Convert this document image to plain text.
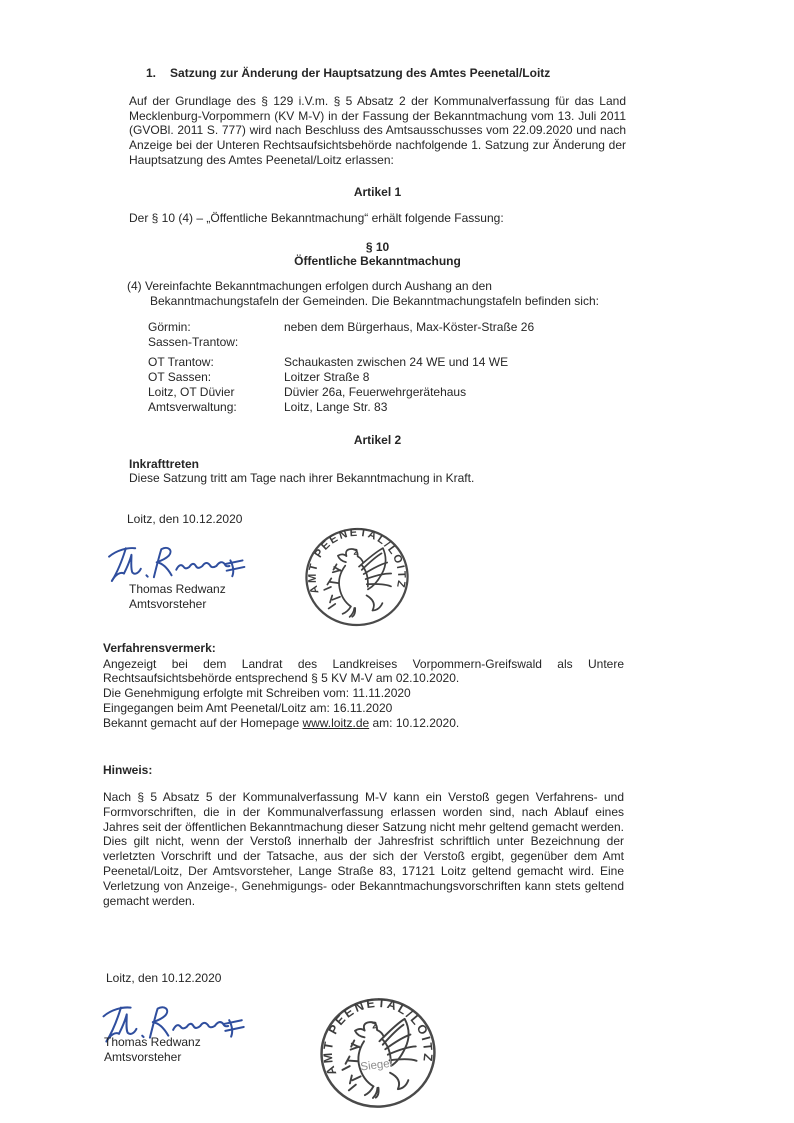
1. Satzung zur Änderung der Hauptsatzung des Amtes Peenetal/Loitz

Auf der Grundlage des § 129 i.V.m. § 5 Absatz 2 der Kommunalverfassung für das Land Mecklenburg-Vorpommern (KV M-V) in der Fassung der Bekanntmachung vom 13. Juli 2011 (GVOBl. 2011 S. 777) wird nach Beschluss des Amtsausschusses vom 22.09.2020 und nach Anzeige bei der Unteren Rechtsaufsichtsbehörde nachfolgende 1. Satzung zur Änderung der Hauptsatzung des Amtes Peenetal/Loitz erlassen:

Artikel 1
Der § 10 (4) – „Öffentliche Bekanntmachung“ erhält folgende Fassung:
§ 10
Öffentliche Bekanntmachung
(4) Vereinfachte Bekanntmachungen erfolgen durch Aushang an den
Bekanntmachungstafeln der Gemeinden. Die Bekanntmachungstafeln befinden sich:
Görmin:	neben dem Bürgerhaus, Max-Köster-Straße 26
Sassen-Trantow:
OT Trantow:	Schaukasten zwischen 24 WE und 14 WE
OT Sassen:	Loitzer Straße 8
Loitz, OT Düvier	Düvier 26a, Feuerwehrgerätehaus
Amtsverwaltung:	Loitz, Lange Str. 83
Artikel 2
Inkrafttreten
Diese Satzung tritt am Tage nach ihrer Bekanntmachung in Kraft.
Loitz, den 10.12.2020
Thomas Redwanz
Amtsvorsteher
AMT PEENETAL/LOITZ
2
Verfahrensvermerk:
Angezeigt bei dem Landrat des Landkreises Vorpommern-Greifswald als Untere Rechtsaufsichtsbehörde entsprechend § 5 KV M-V am 02.10.2020.
Die Genehmigung erfolgte mit Schreiben vom: 11.11.2020
Eingegangen beim Amt Peenetal/Loitz am: 16.11.2020
Bekannt gemacht auf der Homepage www.loitz.de am: 10.12.2020.
Hinweis:
Nach § 5 Absatz 5 der Kommunalverfassung M-V kann ein Verstoß gegen Verfahrens- und Formvorschriften, die in der Kommunalverfassung erlassen worden sind, nach Ablauf eines Jahres seit der öffentlichen Bekanntmachung dieser Satzung nicht mehr geltend gemacht werden. Dies gilt nicht, wenn der Verstoß innerhalb der Jahresfrist schriftlich unter Bezeichnung der verletzten Vorschrift und der Tatsache, aus der sich der Verstoß ergibt, gegenüber dem Amt Peenetal/Loitz, Der Amtsvorsteher, Lange Straße 83, 17121 Loitz geltend gemacht wird. Eine Verletzung von Anzeige-, Genehmigungs- oder Bekanntmachungsvorschriften kann stets geltend gemacht werden.
Loitz, den 10.12.2020
Thomas Redwanz
Amtsvorsteher
AMT PEENETAL/LOITZ
2
Siegel
